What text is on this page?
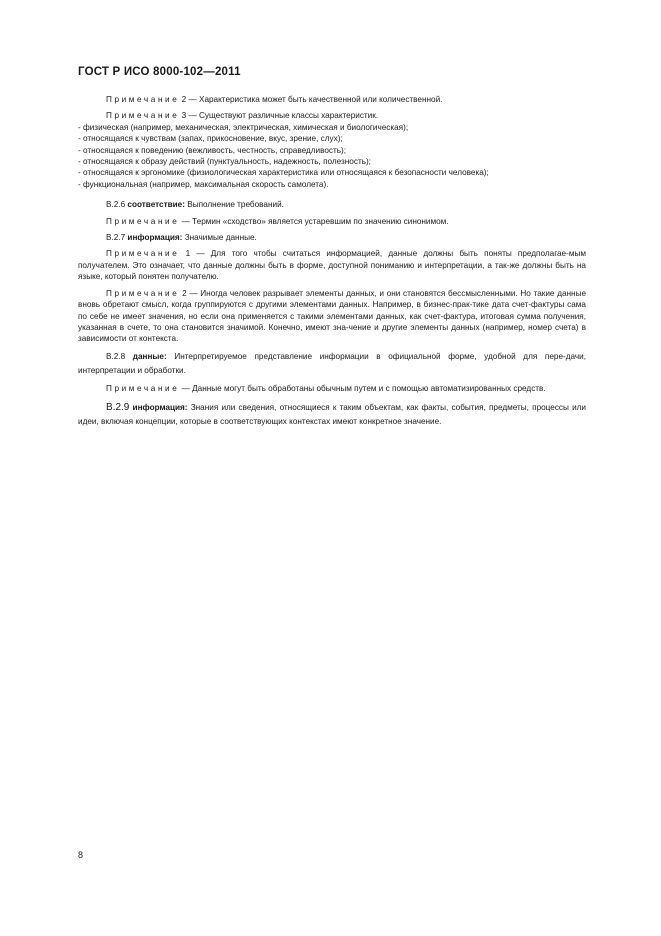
ГОСТ Р ИСО 8000-102—2011

Примечание 2 — Характеристика может быть качественной или количественной.

Примечание 3 — Существуют различные классы характеристик.

- физическая (например, механическая, электрическая, химическая и биологическая);
- относящаяся к чувствам (запах, прикосновение, вкус, зрение, слух);
- относящаяся к поведению (вежливость, честность, справедливость);
- относящаяся к образу действий (пунктуальность, надежность, полезность);
- относящаяся к эргономике (физиологическая характеристика или относящаяся к безопасности человека);
- функциональная (например, максимальная скорость самолета).

В.2.6 соответствие: Выполнение требований.

Примечание — Термин «сходство» является устаревшим по значению синонимом.

В.2.7 информация: Значимые данные.

Примечание 1 — Для того чтобы считаться информацией, данные должны быть поняты предполагае-мым получателем. Это означает, что данные должны быть в форме, доступной пониманию и интерпретации, а так-же должны быть на языке, который понятен получателю.

Примечание 2 — Иногда человек разрывает элементы данных, и они становятся бессмысленными. Но такие данные вновь обретают смысл, когда группируются с другими элементами данных. Например, в бизнес-прак-тике дата счет-фактуры сама по себе не имеет значения, но если она применяется с такими элементами данных, как счет-фактура, итоговая сумма получения, указанная в счете, то она становится значимой. Конечно, имеют зна-чение и другие элементы данных (например, номер счета) в зависимости от контекста.

В.2.8 данные: Интерпретируемое представление информации в официальной форме, удобной для пере-дачи, интерпретации и обработки.

Примечание — Данные могут быть обработаны обычным путем и с помощью автоматизированных средств.

В.2.9 информация: Знания или сведения, относящиеся к таким объектам, как факты, события, предметы, процессы или идеи, включая концепции, которые в соответствующих контекстах имеют конкретное значение.

8
